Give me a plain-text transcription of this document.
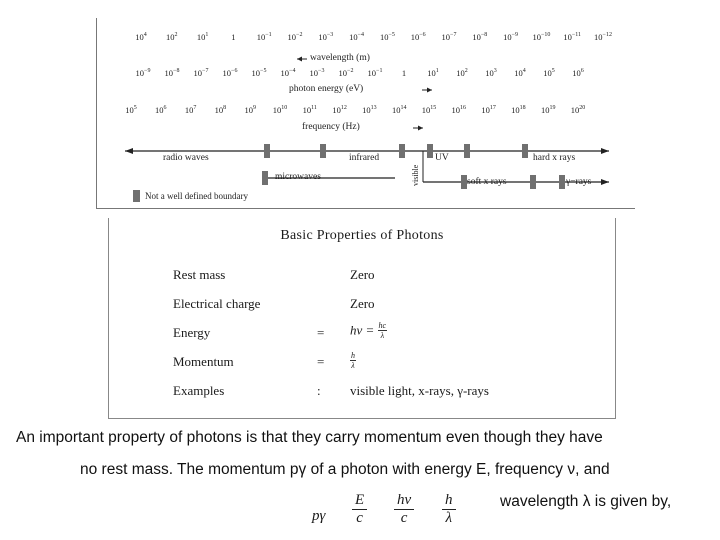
$10^4$ $10^2$ $10^1$	1 $10^{-1}$ $10^{-2}$ $10^{-3}$ $10^{-4}$ $10^{-5}$ $10^{-6}$ $10^{-7}$ $10^{-8}$ $10^{-9}$ $10^{-10}$ $10^{-11}$ $10^{-12}$
$10^{-9}$ $10^{-8}$ $10^{-7}$ $10^{-6}$ $10^{-5}$ $10^{-4}$ $10^{-3}$ $10^{-2}$ $10^{-1}$ 1 $10^1$ $10^2$ $10^3$ $10^4$ $10^5$ $10^6$
$10^5$ $10^6$ $10^7$ $10^8$ $10^9$ $10^{10}$ $10^{11}$ $10^{12}$ $10^{13}$ $10^{14}$ $10^{15}$ $10^{16}$ $10^{17}$ $10^{18}$ $10^{19}$ $10^{20}$
wavelength (m)
photon energy (eV)
frequency (Hz)
radio waves	infrared	UV	hard x rays
microwaves	visible	soft x rays	γ−rays
Not a well defined boundary
Basic Properties of Photons
Rest mass	Zero
Electrical charge	Zero
Energy	= $h\nu = \frac{hc}{\lambda}$
Momentum	=	$\frac{h}{\lambda}$
Examples	: visible light, x-rays, γ-rays
An important property of photons is that they carry momentum even though they have
no rest mass. The momentum pγ of a photon with energy E, frequency ν, and
wavelength λ is given by,
pγ $\frac{E}{c} \frac{h\nu}{c} \frac{h}{\lambda}$
